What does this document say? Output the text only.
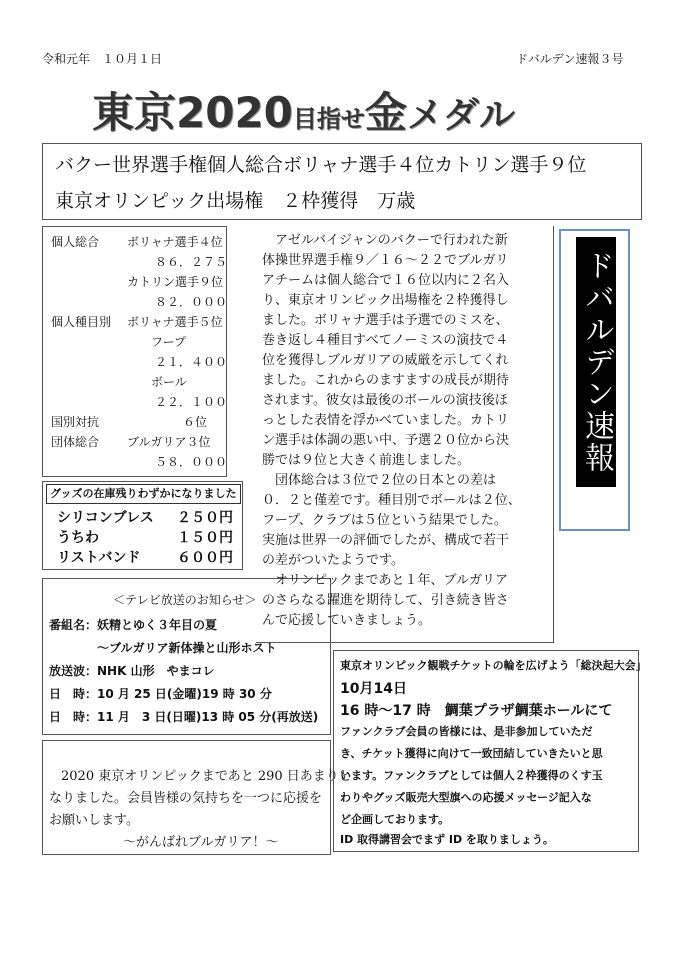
令和元年　１０月１日	ドバルデン速報３号
東京2020目指せ金メダル
バクー世界選手権個人総合ボリャナ選手４位カトリン選手９位
東京オリンピック出場権　２枠獲得　万歳
個人総合 ボリャナ選手４位
８６．２７５
カトリン選手９位
８２．０００
個人種目別 ボリャナ選手５位
フープ
２１．４００
ボール
２２．１００
国別対抗	６位
団体総合 ブルガリア３位
５８．０００
グッズの在庫残りわずかになりました
シリコンブレス ２５０円
うちわ	１５０円
リストバンド	６００円
＜テレビ放送のお知らせ＞
番組名：妖精とゆく３年目の夏
～ブルガリア新体操と山形ホスト
放送波：NHK 山形　やまコレ
日　時：10 月 25 日(金曜)19 時 30 分
日　時：11 月　3 日(日曜)13 時 05 分(再放送)
2020 東京オリンピックまであと 290 日あまりと
なりました。会員皆様の気持ちを一つに応援を
お願いします。
～がんばれブルガリア！～
　アゼルバイジャンのバクーで行われた新
体操世界選手権９／１６～２２でブルガリ
アチームは個人総合で１６位以内に２名入
り、東京オリンピック出場権を２枠獲得し
ました。ボリャナ選手は予選でのミスを、
巻き返し４種目すべてノーミスの演技で４
位を獲得しブルガリアの威厳を示してくれ
ました。これからのますますの成長が期待
されます。彼女は最後のボールの演技後ほ
っとした表情を浮かべていました。カトリ
ン選手は体調の悪い中、予選２０位から決
勝では９位と大きく前進しました。
　団体総合は３位で２位の日本との差は
０．２と僅差です。種目別でボールは２位、
フープ、クラブは５位という結果でした。
実施は世界一の評価でしたが、構成で若干
の差がついたようです。
　オリンピックまであと１年、ブルガリア
のさらなる躍進を期待して、引き続き皆さ
んで応援していきましょう。
ドバルデン速報
東京オリンピック観戦チケットの輪を広げよう「総決起大会」
10月14日
16 時～17 時　鯛葉プラザ鯛葉ホールにて
ファンクラブ会員の皆様には、是非参加していただ
き、チケット獲得に向けて一致団結していきたいと思
います。ファンクラブとしては個人２枠獲得のくす玉
わりやグッズ販売大型旗への応援メッセージ記入な
ど企画しております。
ID 取得講習会でまず ID を取りましょう。
